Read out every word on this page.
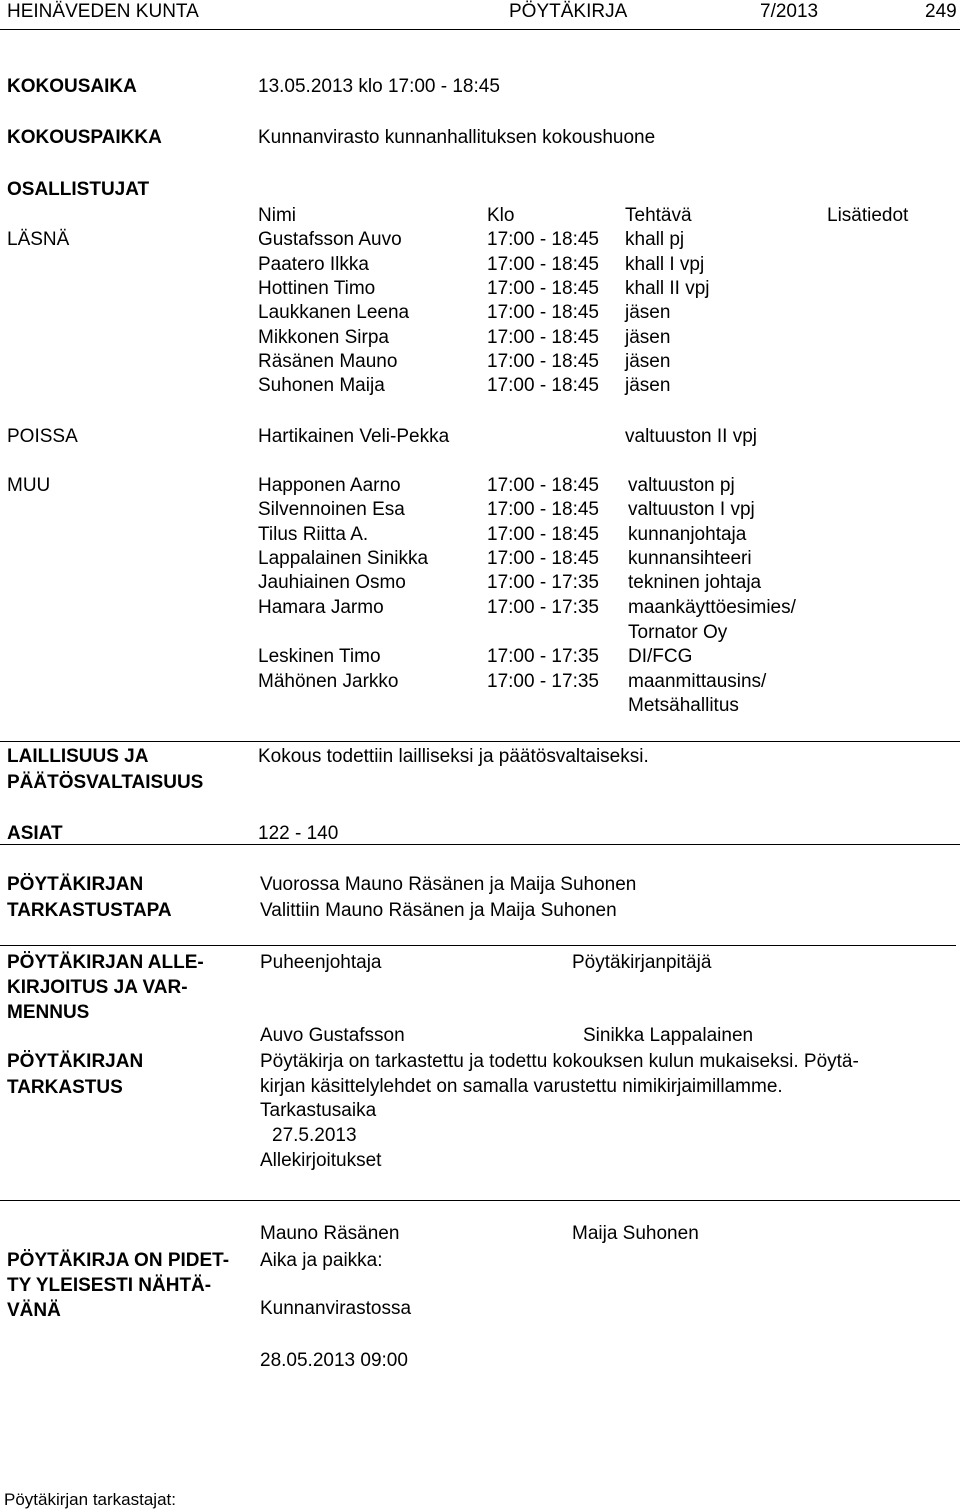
HEINÄVEDEN KUNTA	PÖYTÄKIRJA	7/2013	249
KOKOUSAIKA	13.05.2013 klo 17:00 - 18:45
KOKOUSPAIKKA	Kunnanvirasto kunnanhallituksen kokoushuone
OSALLISTUJAT
Nimi	Klo	Tehtävä	Lisätiedot
LÄSNÄ	Gustafsson Auvo	17:00 - 18:45 khall pj
Paatero Ilkka	17:00 - 18:45 khall I vpj
Hottinen Timo	17:00 - 18:45 khall II vpj
Laukkanen Leena	17:00 - 18:45 jäsen
Mikkonen Sirpa	17:00 - 18:45 jäsen
Räsänen Mauno	17:00 - 18:45 jäsen
Suhonen Maija	17:00 - 18:45 jäsen
POISSA	Hartikainen Veli-Pekka	valtuuston II vpj
MUU	Happonen Aarno	17:00 - 18:45 valtuuston pj
Silvennoinen Esa	17:00 - 18:45 valtuuston I vpj
Tilus Riitta A.	17:00 - 18:45 kunnanjohtaja
Lappalainen Sinikka	17:00 - 18:45 kunnansihteeri
Jauhiainen Osmo	17:00 - 17:35 tekninen johtaja
Hamara Jarmo	17:00 - 17:35 maankäyttöesimies/
Tornator Oy
Leskinen Timo	17:00 - 17:35 DI/FCG
Mähönen Jarkko	17:00 - 17:35 maanmittausins/
Metsähallitus
LAILLISUUS JA
PÄÄTÖSVALTAISUUS
Kokous todettiin lailliseksi ja päätösvaltaiseksi.
ASIAT	122 - 140
PÖYTÄKIRJAN
TARKASTUSTAPA
Vuorossa Mauno Räsänen ja Maija Suhonen
Valittiin Mauno Räsänen ja Maija Suhonen
PÖYTÄKIRJAN ALLE-
KIRJOITUS JA VAR-
MENNUS
Puheenjohtaja	Pöytäkirjanpitäjä
Auvo Gustafsson	Sinikka Lappalainen
PÖYTÄKIRJAN
TARKASTUS
Pöytäkirja on tarkastettu ja todettu kokouksen kulun mukaiseksi. Pöytä-
kirjan käsittelylehdet on samalla varustettu nimikirjaimillamme.
Tarkastusaika
27.5.2013
Allekirjoitukset
Mauno Räsänen	Maija Suhonen
PÖYTÄKIRJA ON PIDET-
TY YLEISESTI NÄHTÄ-
VÄNÄ
Aika ja paikka:
Kunnanvirastossa
28.05.2013 09:00
Pöytäkirjan tarkastajat:
